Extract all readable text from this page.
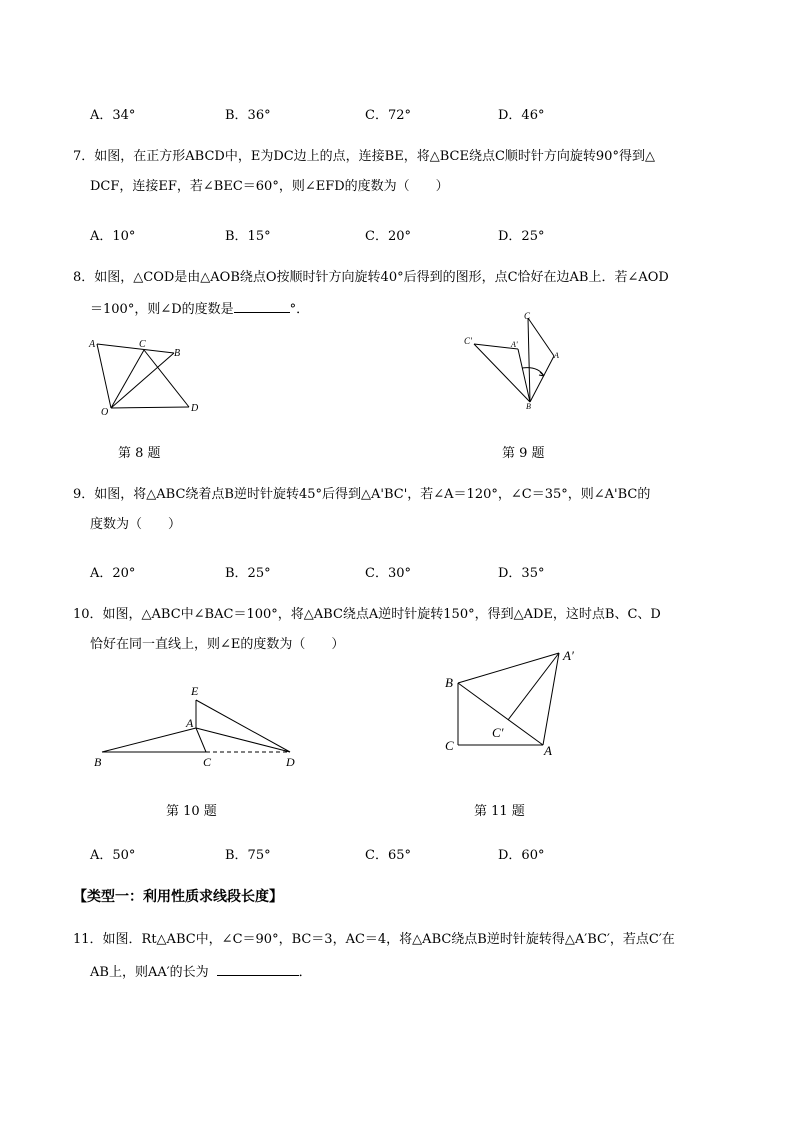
A．34°	B．36°	C．72°	D．46°
7．如图，在正方形ABCD中，E为DC边上的点，连接BE，将△BCE绕点C顺时针方向旋转90°得到△
DCF，连接EF，若∠BEC＝60°，则∠EFD的度数为（　　）
A．10°	B．15°	C．20°	D．25°
8．如图，△COD是由△AOB绕点O按顺时针方向旋转40°后得到的图形，点C恰好在边AB上．若∠AOD
＝100°，则∠D的度数是	°．
A	C
B
O	D
第 8 题
C'	A'
C
A
B
第 9 题
9．如图，将△ABC绕着点B逆时针旋转45°后得到△A'BC'，若∠A＝120°，∠C＝35°，则∠A'BC的
度数为（　　）
A．20°	B．25°	C．30°	D．35°
10．如图，△ABC中∠BAC＝100°，将△ABC绕点A逆时针旋转150°，得到△ADE，这时点B、C、D
恰好在同一直线上，则∠E的度数为（　　）
E
A
B	C	D
第 10 题
A′
B
C′
C	A
第 11 题
A．50°	B．75°	C．65°	D．60°
【类型一：利用性质求线段长度】
11．如图．Rt△ABC中，∠C＝90°，BC＝3，AC＝4，将△ABC绕点B逆时针旋转得△A′BC′，若点C′在
AB上，则AA′的长为	．
